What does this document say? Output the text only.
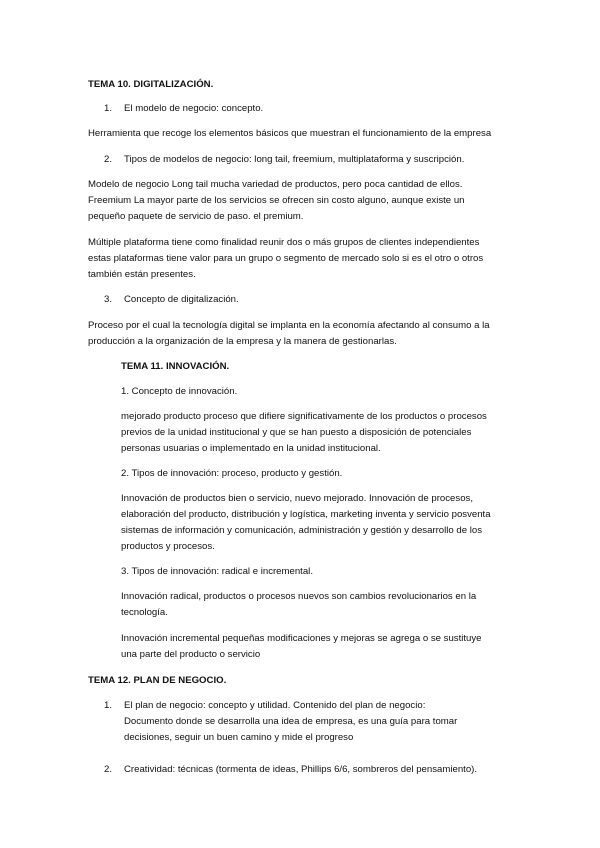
TEMA 10. DIGITALIZACIÓN.
1. El modelo de negocio: concepto.
Herramienta que recoge los elementos básicos que muestran el funcionamiento de la empresa
2. Tipos de modelos de negocio: long tail, freemium, multiplataforma y suscripción.
Modelo de negocio Long tail mucha variedad de productos, pero poca cantidad de ellos.
Freemium La mayor parte de los servicios se ofrecen sin costo alguno, aunque existe un
pequeño paquete de servicio de paso. el premium.
Múltiple plataforma tiene como finalidad reunir dos o más grupos de clientes independientes
estas plataformas tiene valor para un grupo o segmento de mercado solo si es el otro o otros
también están presentes.
3. Concepto de digitalización.
Proceso por el cual la tecnología digital se implanta en la economía afectando al consumo a la
producción a la organización de la empresa y la manera de gestionarlas.
TEMA 11. INNOVACIÓN.
1. Concepto de innovación.
mejorado producto proceso que difiere significativamente de los productos o procesos
previos de la unidad institucional y que se han puesto a disposición de potenciales
personas usuarias o implementado en la unidad institucional.
2. Tipos de innovación: proceso, producto y gestión.
Innovación de productos bien o servicio, nuevo mejorado. Innovación de procesos,
elaboración del producto, distribución y logística, marketing inventa y servicio posventa
sistemas de información y comunicación, administración y gestión y desarrollo de los
productos y procesos.
3. Tipos de innovación: radical e incremental.
Innovación radical, productos o procesos nuevos son cambios revolucionarios en la
tecnología.
Innovación incremental pequeñas modificaciones y mejoras se agrega o se sustituye
una parte del producto o servicio
TEMA 12. PLAN DE NEGOCIO.
1. El plan de negocio: concepto y utilidad. Contenido del plan de negocio:
Documento donde se desarrolla una idea de empresa, es una guía para tomar
decisiones, seguir un buen camino y mide el progreso
2. Creatividad: técnicas (tormenta de ideas, Phillips 6/6, sombreros del pensamiento).
